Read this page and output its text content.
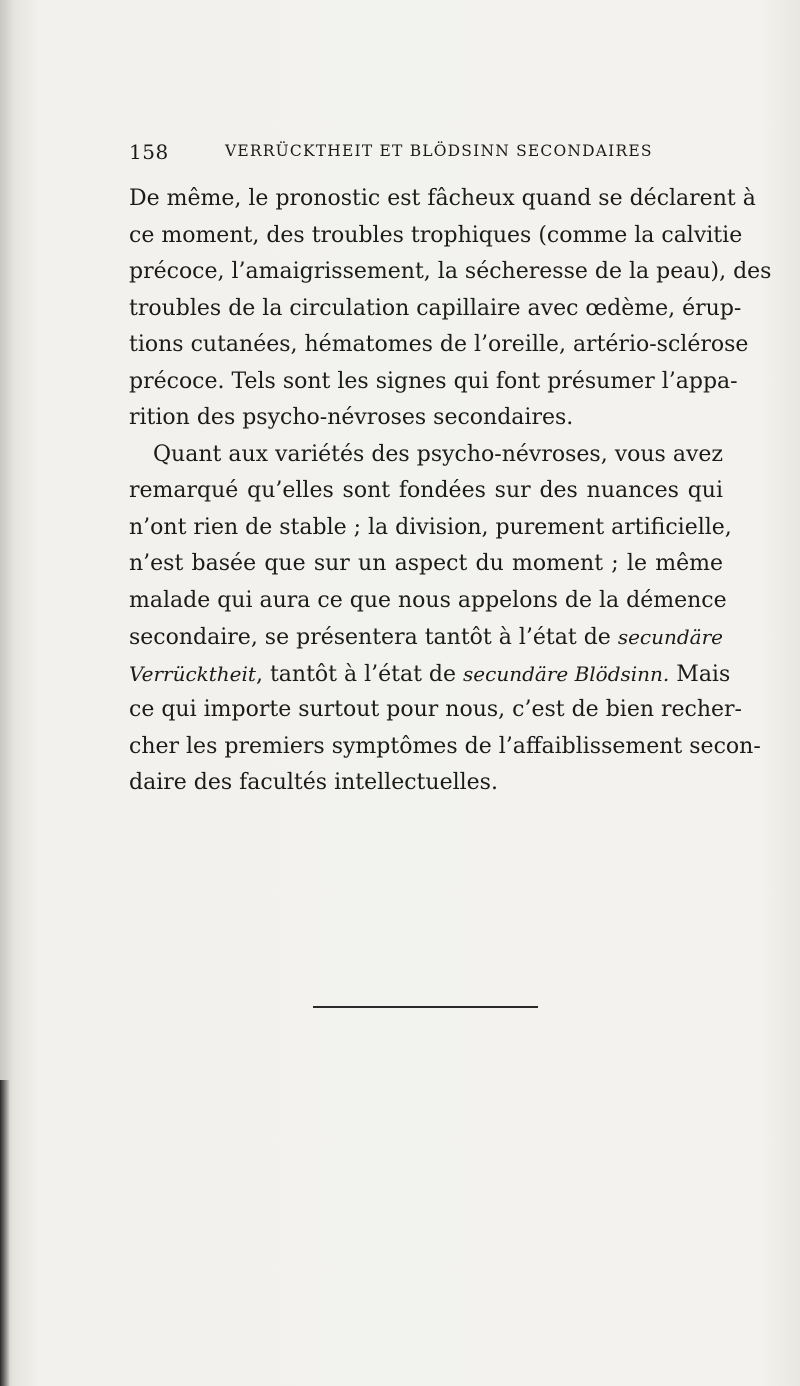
158	VERRÜCKTHEIT ET BLÖDSINN SECONDAIRES
De même, le pronostic est fâcheux quand se déclarent à
ce moment, des troubles trophiques (comme la calvitie
précoce, l’amaigrissement, la sécheresse de la peau), des
troubles de la circulation capillaire avec œdème, érup-
tions cutanées, hématomes de l’oreille, artério-sclérose
précoce. Tels sont les signes qui font présumer l’appa-
rition des psycho-névroses secondaires.
Quant aux variétés des psycho-névroses, vous avez
remarqué qu’elles sont fondées sur des nuances qui
n’ont rien de stable ; la division, purement artificielle,
n’est basée que sur un aspect du moment ; le même
malade qui aura ce que nous appelons de la démence
secondaire, se présentera tantôt à l’état de secundäre
Verrücktheit, tantôt à l’état de secundäre Blödsinn. Mais
ce qui importe surtout pour nous, c’est de bien recher-
cher les premiers symptômes de l’affaiblissement secon-
daire des facultés intellectuelles.
